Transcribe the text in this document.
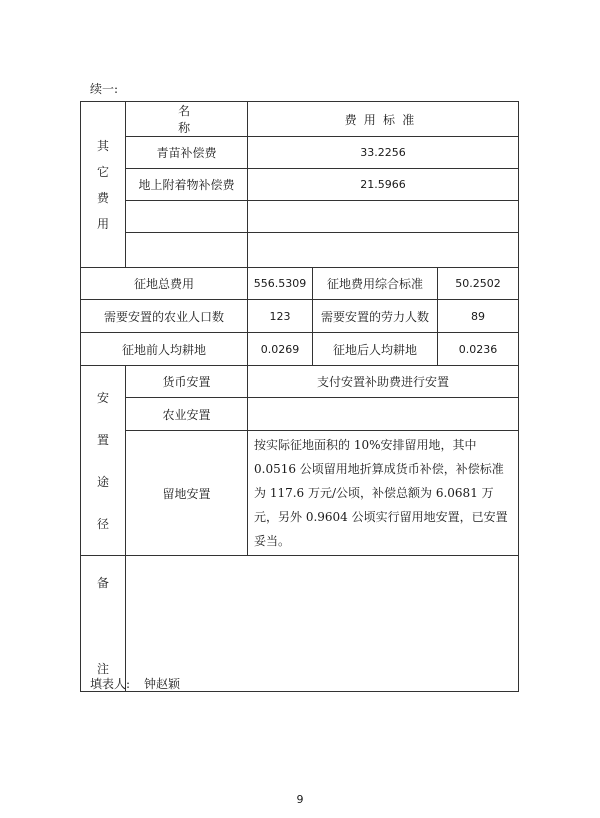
续一:
其
它
费
用	名称	费用标准		
	青苗补偿费	33.2256		
	地上附着物补偿费	21.5966		

征地总费用		556.5309	征地费用综合标准	50.2502
需要安置的农业人口数		123	需要安置的劳力人数	89
征地前人均耕地		0.0269	征地后人均耕地	0.0236

安
置
途
径	货币安置	支付安置补助费进行安置		
	农业安置			
	留地安置	按实际征地面积的 10%安排留用地，其中 0.0516 公顷留用地折算成货币补偿，补偿标准为 117.6 万元/公顷，补偿总额为 6.0681 万元，另外 0.9604 公顷实行留用地安置，已安置妥当。		

备
注				

填表人: 钟赵颖
9
